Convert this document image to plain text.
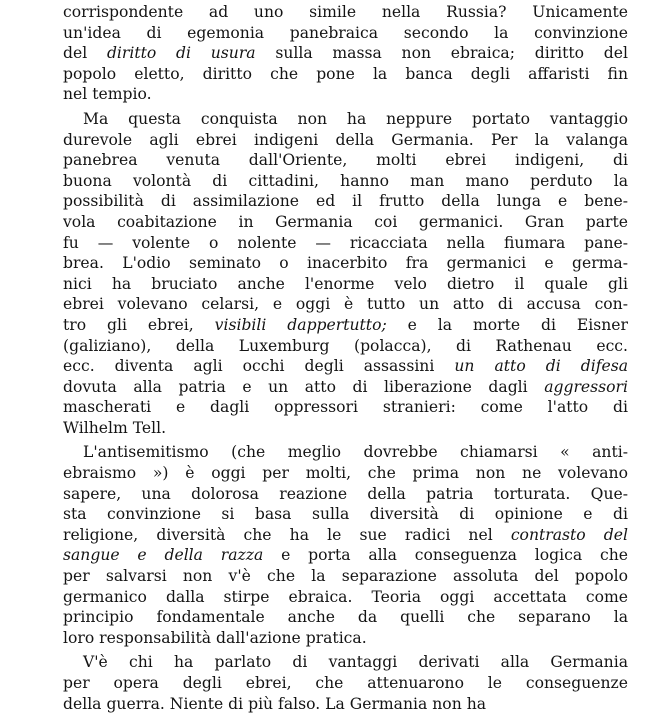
corrispondente ad uno simile nella Russia? Unicamente
un'idea di egemonia panebraica secondo la convinzione
del diritto di usura sulla massa non ebraica; diritto del
popolo eletto, diritto che pone la banca degli affaristi fin
nel tempio.
Ma questa conquista non ha neppure portato vantaggio
durevole agli ebrei indigeni della Germania. Per la valanga
panebrea venuta dall'Oriente, molti ebrei indigeni, di
buona volontà di cittadini, hanno man mano perduto la
possibilità di assimilazione ed il frutto della lunga e bene-
vola coabitazione in Germania coi germanici. Gran parte
fu — volente o nolente — ricacciata nella fiumara pane-
brea. L'odio seminato o inacerbito fra germanici e germa-
nici ha bruciato anche l'enorme velo dietro il quale gli
ebrei volevano celarsi, e oggi è tutto un atto di accusa con-
tro gli ebrei, visibili dappertutto; e la morte di Eisner
(galiziano), della Luxemburg (polacca), di Rathenau ecc.
ecc. diventa agli occhi degli assassini un atto di difesa
dovuta alla patria e un atto di liberazione dagli aggressori
mascherati e dagli oppressori stranieri: come l'atto di
Wilhelm Tell.
L'antisemitismo (che meglio dovrebbe chiamarsi « anti-
ebraismo ») è oggi per molti, che prima non ne volevano
sapere, una dolorosa reazione della patria torturata. Que-
sta convinzione si basa sulla diversità di opinione e di
religione, diversità che ha le sue radici nel contrasto del
sangue e della razza e porta alla conseguenza logica che
per salvarsi non v'è che la separazione assoluta del popolo
germanico dalla stirpe ebraica. Teoria oggi accettata come
principio fondamentale anche da quelli che separano la
loro responsabilità dall'azione pratica.
V'è chi ha parlato di vantaggi derivati alla Germania
per opera degli ebrei, che attenuarono le conseguenze
della guerra. Niente di più falso. La Germania non ha
